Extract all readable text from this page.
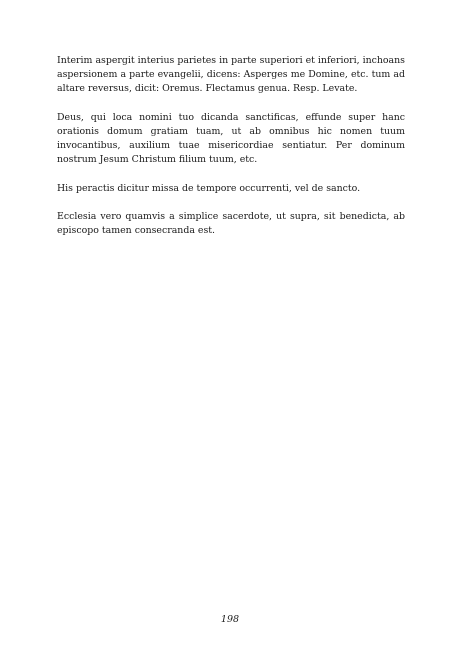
Interim aspergit interius parietes in parte superiori et inferiori, inchoans aspersionem a parte evangelii, dicens: Asperges me Domine, etc. tum ad altare reversus, dicit: Oremus. Flectamus genua. Resp. Levate.

Deus, qui loca nomini tuo dicanda sanctificas, effunde super hanc orationis domum gratiam tuam, ut ab omnibus hic nomen tuum invocantibus, auxilium tuae misericordiae sentiatur. Per dominum nostrum Jesum Christum filium tuum, etc.

His peractis dicitur missa de tempore occurrenti, vel de sancto.

Ecclesia vero quamvis a simplice sacerdote, ut supra, sit benedicta, ab episcopo tamen consecranda est.

198
